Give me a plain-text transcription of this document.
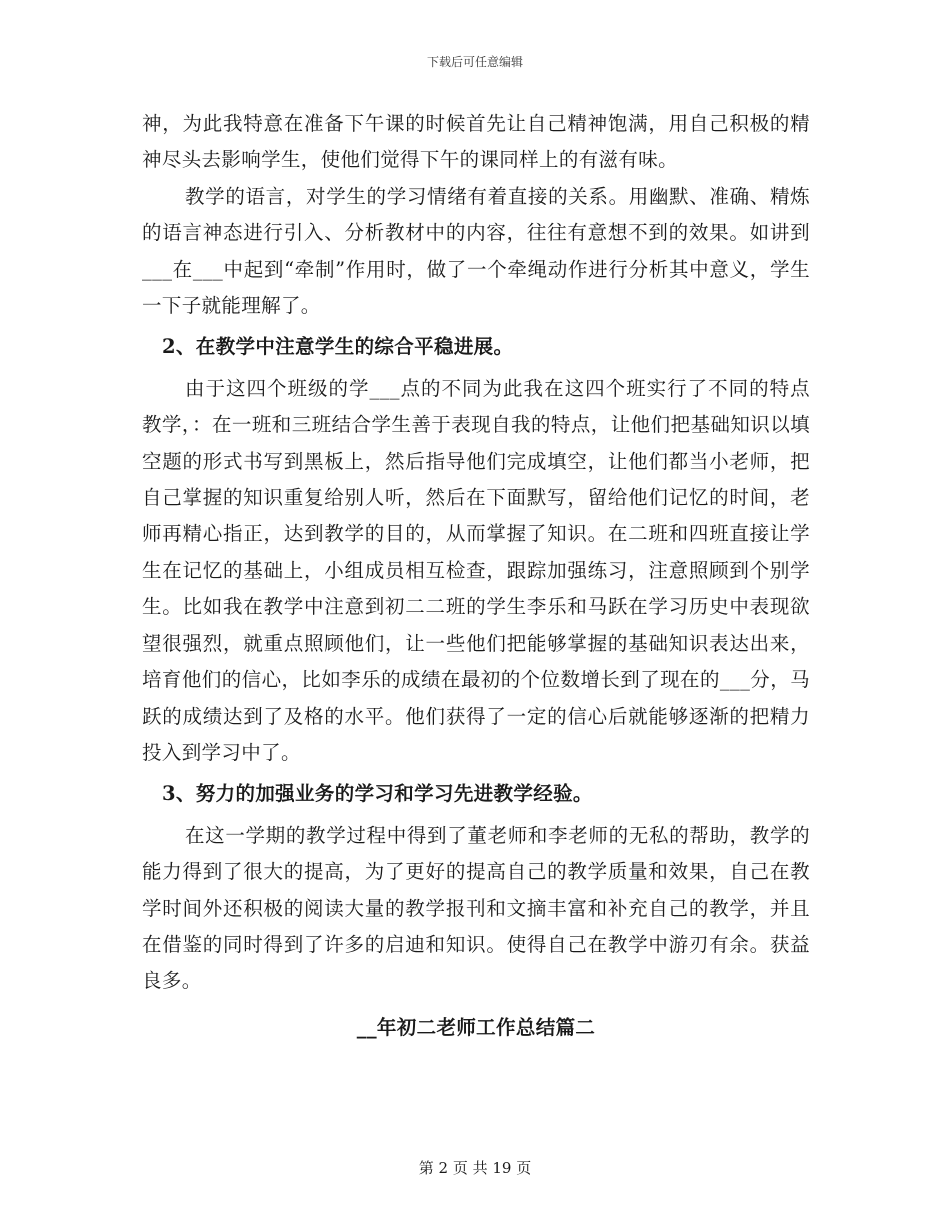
下载后可任意编辑

神，为此我特意在准备下午课的时候首先让自己精神饱满，用自己积极的精神尽头去影响学生，使他们觉得下午的课同样上的有滋有味。

教学的语言，对学生的学习情绪有着直接的关系。用幽默、准确、精炼的语言神态进行引入、分析教材中的内容，往往有意想不到的效果。如讲到___在___中起到“牵制”作用时，做了一个牵绳动作进行分析其中意义，学生一下子就能理解了。

2、在教学中注意学生的综合平稳进展。

由于这四个班级的学___点的不同为此我在这四个班实行了不同的特点教学，：在一班和三班结合学生善于表现自我的特点，让他们把基础知识以填空题的形式书写到黑板上，然后指导他们完成填空，让他们都当小老师，把自己掌握的知识重复给别人听，然后在下面默写，留给他们记忆的时间，老师再精心指正，达到教学的目的，从而掌握了知识。在二班和四班直接让学生在记忆的基础上，小组成员相互检查，跟踪加强练习，注意照顾到个别学生。比如我在教学中注意到初二二班的学生李乐和马跃在学习历史中表现欲望很强烈，就重点照顾他们，让一些他们把能够掌握的基础知识表达出来，培育他们的信心，比如李乐的成绩在最初的个位数增长到了现在的___分，马跃的成绩达到了及格的水平。他们获得了一定的信心后就能够逐渐的把精力投入到学习中了。

3、努力的加强业务的学习和学习先进教学经验。

在这一学期的教学过程中得到了董老师和李老师的无私的帮助，教学的能力得到了很大的提高，为了更好的提高自己的教学质量和效果，自己在教学时间外还积极的阅读大量的教学报刊和文摘丰富和补充自己的教学，并且在借鉴的同时得到了许多的启迪和知识。使得自己在教学中游刃有余。获益良多。

__年初二老师工作总结篇二

第 2 页 共 19 页
